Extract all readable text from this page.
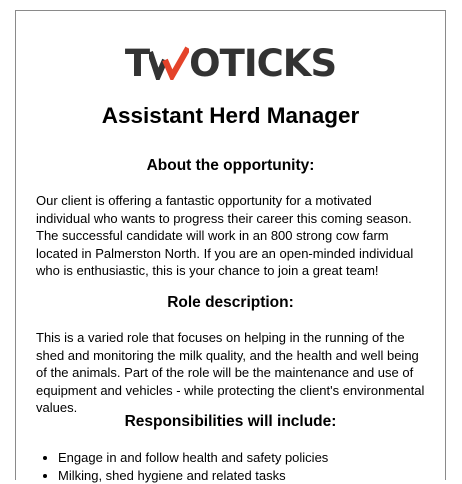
T OTICKS
Assistant Herd Manager
About the opportunity:

Our client is offering a fantastic opportunity for a motivated individual who wants to progress their career this coming season. The successful candidate will work in an 800 strong cow farm located in Palmerston North. If you are an open-minded individual who is enthusiastic, this is your chance to join a great team!

Role description:

This is a varied role that focuses on helping in the running of the shed and monitoring the milk quality, and the health and well being of the animals. Part of the role will be the maintenance and use of equipment and vehicles - while protecting the client's environmental values.

Responsibilities will include:
• Engage in and follow health and safety policies
• Milking, shed hygiene and related tasks
